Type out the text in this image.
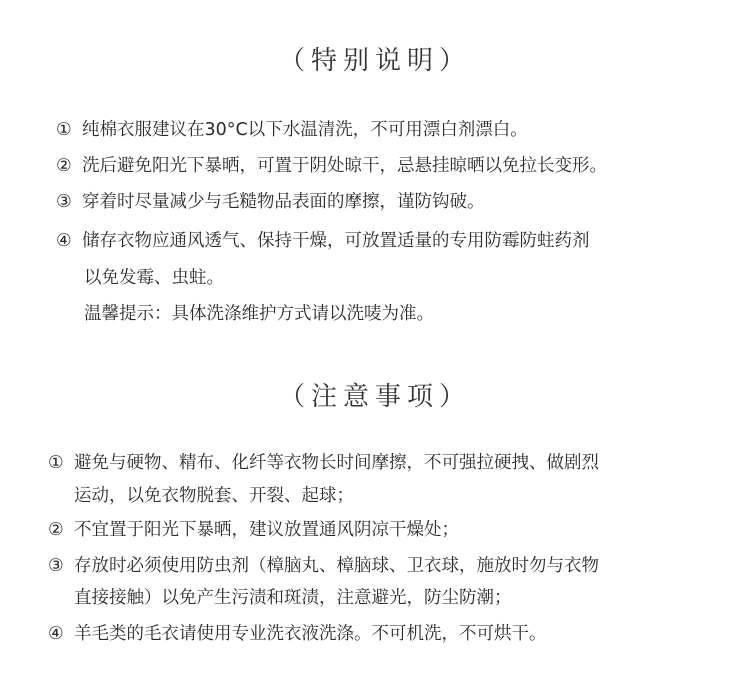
（特别说明）
① 纯棉衣服建议在30°C以下水温清洗，不可用漂白剂漂白。
② 洗后避免阳光下暴晒，可置于阴处晾干，忌悬挂晾晒以免拉长变形。
③ 穿着时尽量减少与毛糙物品表面的摩擦，谨防钩破。
④ 储存衣物应通风透气、保持干燥，可放置适量的专用防霉防蛀药剂
以免发霉、虫蛀。
温馨提示：具体洗涤维护方式请以洗唛为准。
（注意事项）
① 避免与硬物、精布、化纤等衣物长时间摩擦，不可强拉硬拽、做剧烈
运动，以免衣物脱套、开裂、起球；
② 不宜置于阳光下暴晒，建议放置通风阴凉干燥处；
③ 存放时必须使用防虫剂（樟脑丸、樟脑球、卫衣球，施放时勿与衣物
直接接触）以免产生污渍和斑渍，注意避光，防尘防潮；
④ 羊毛类的毛衣请使用专业洗衣液洗涤。不可机洗，不可烘干。
